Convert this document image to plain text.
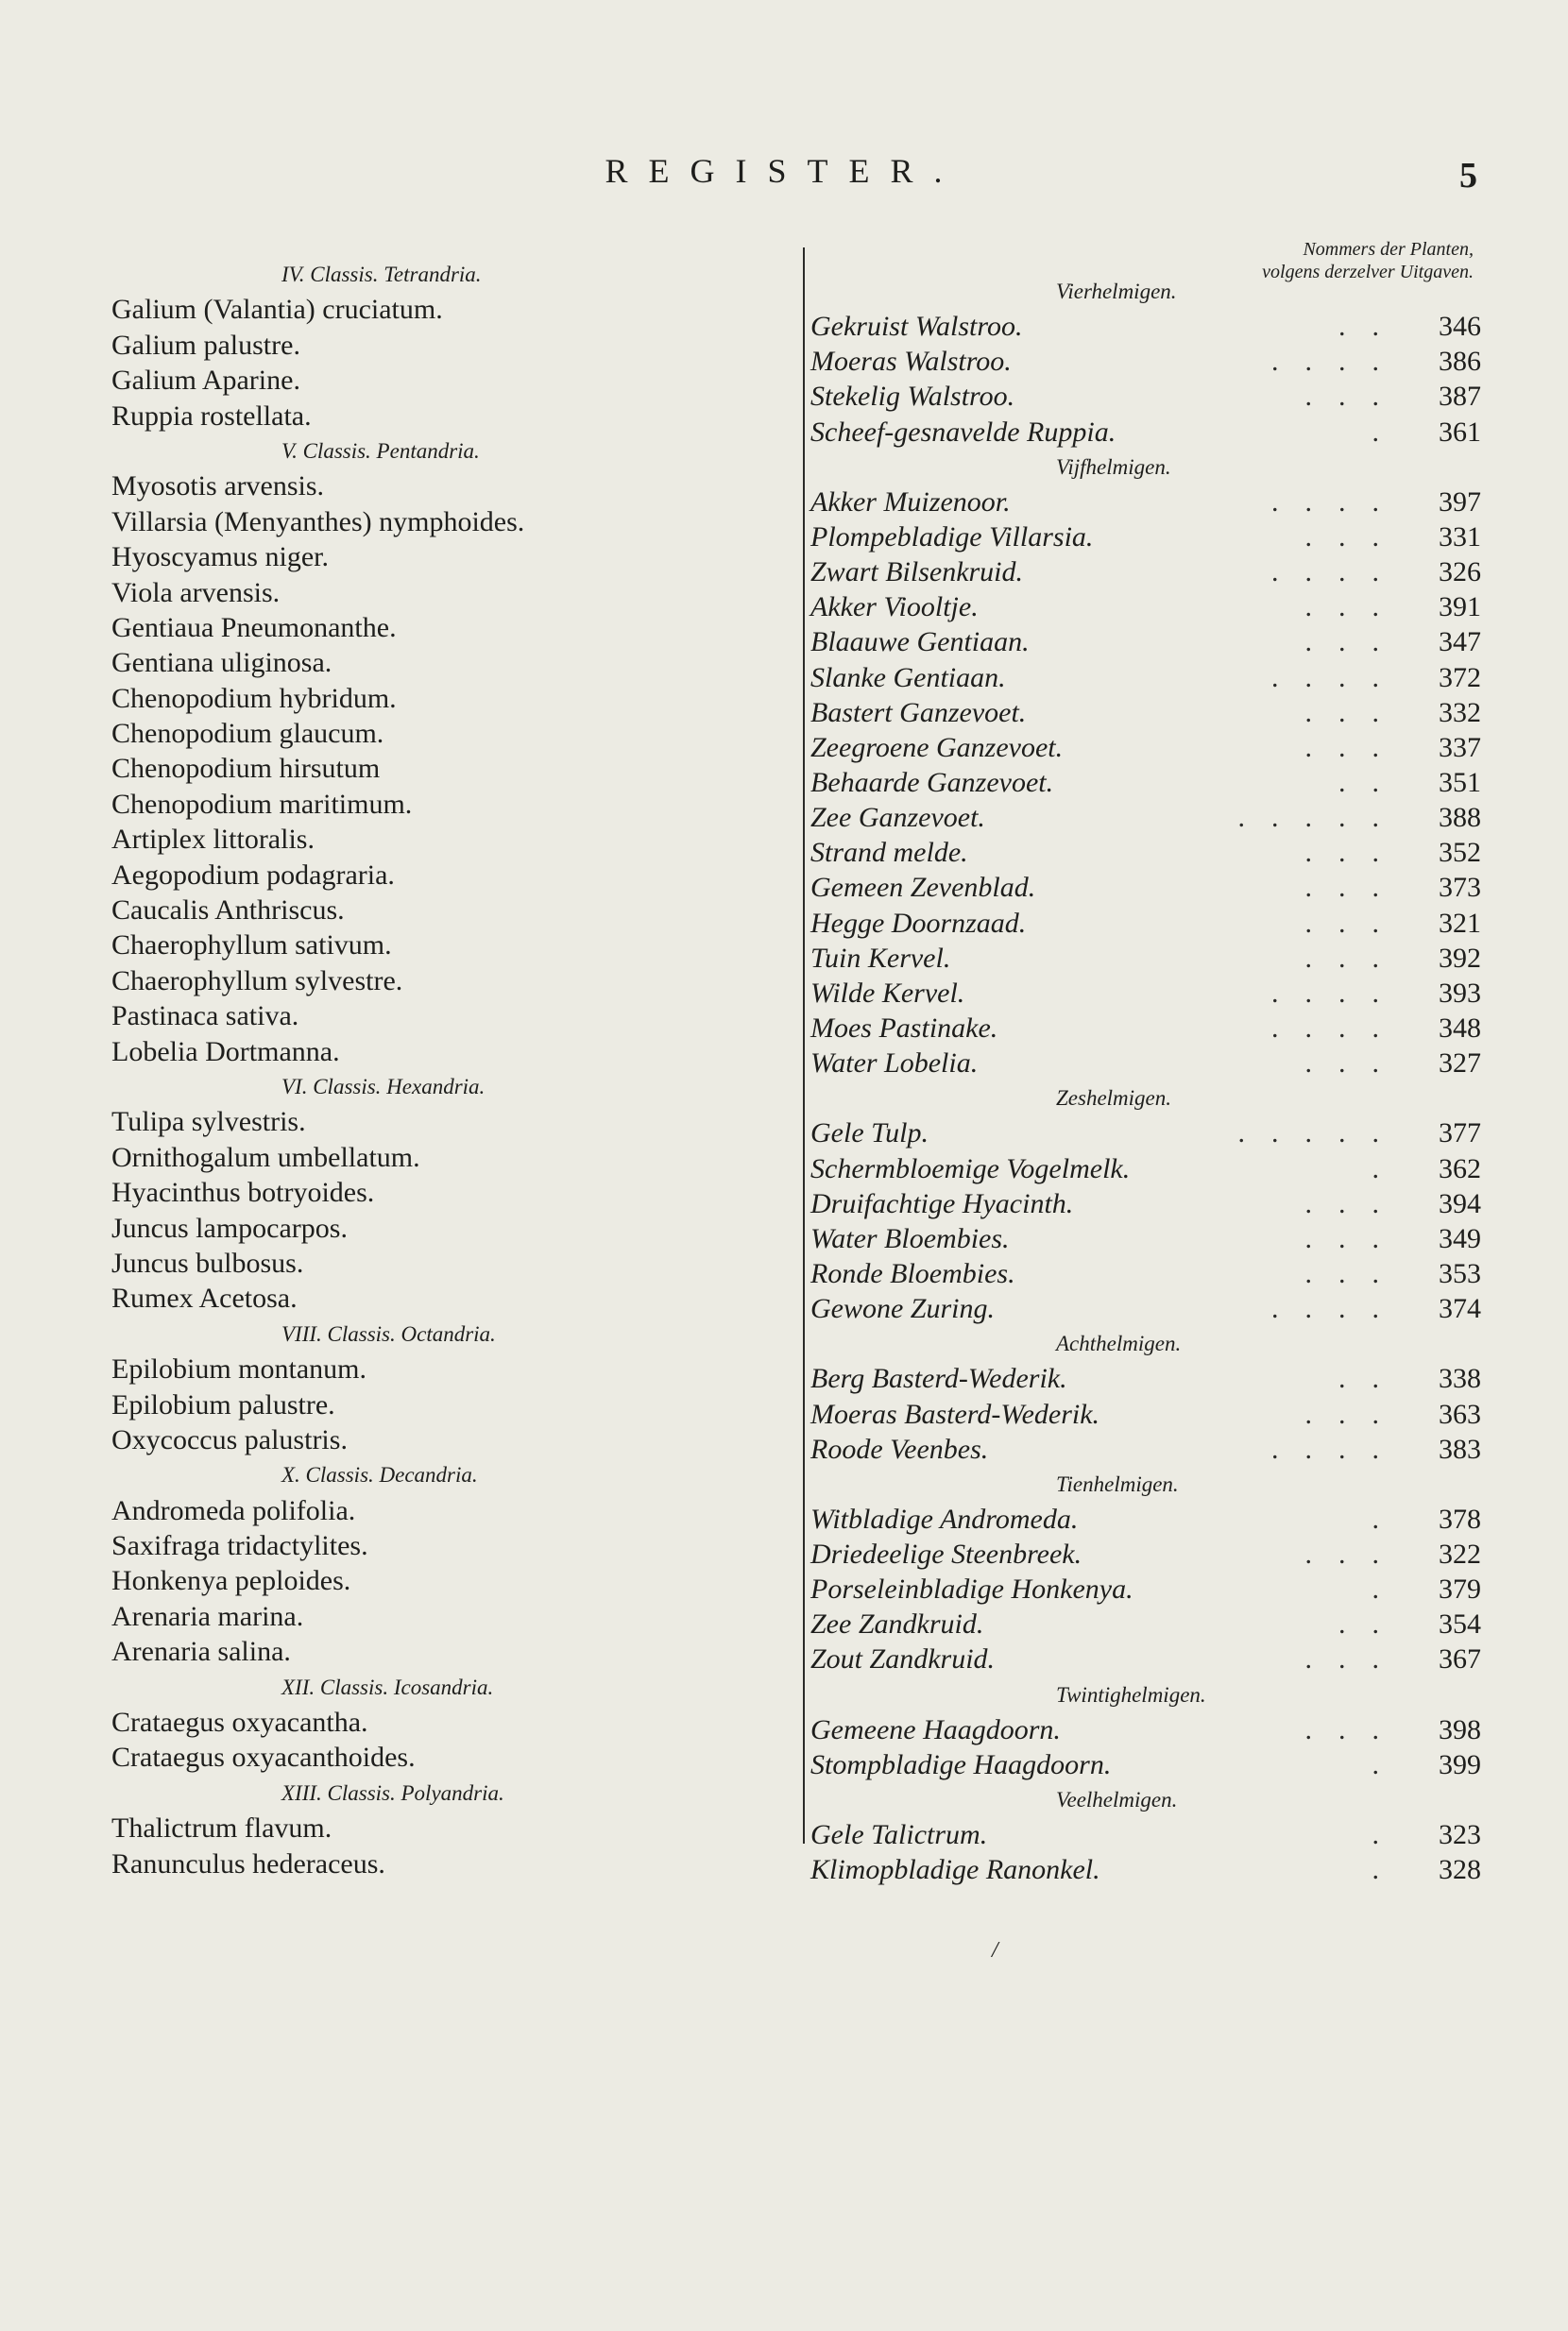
REGISTER.	5
Nommers der Planten,
volgens derzelver Uitgaven.
IV. Classis. Tetrandria.
Galium (Valantia) cruciatum.
Galium palustre.
Galium Aparine.
Ruppia rostellata.
V. Classis. Pentandria.
Myosotis arvensis.
Villarsia (Menyanthes) nymphoides.
Hyoscyamus niger.
Viola arvensis.
Gentiaua Pneumonanthe.
Gentiana uliginosa.
Chenopodium hybridum.
Chenopodium glaucum.
Chenopodium hirsutum
Chenopodium maritimum.
Artiplex littoralis.
Aegopodium podagraria.
Caucalis Anthriscus.
Chaerophyllum sativum.
Chaerophyllum sylvestre.
Pastinaca sativa.
Lobelia Dortmanna.
VI. Classis. Hexandria.
Tulipa sylvestris.
Ornithogalum umbellatum.
Hyacinthus botryoides.
Juncus lampocarpos.
Juncus bulbosus.
Rumex Acetosa.
VIII. Classis. Octandria.
Epilobium montanum.
Epilobium palustre.
Oxycoccus palustris.
X. Classis. Decandria.
Andromeda polifolia.
Saxifraga tridactylites.
Honkenya peploides.
Arenaria marina.
Arenaria salina.
XII. Classis. Icosandria.
Crataegus oxyacantha.
Crataegus oxyacanthoides.
XIII. Classis. Polyandria.
Thalictrum flavum.
Ranunculus hederaceus.
Vierhelmigen.
Gekruist Walstroo.	.. 346
Moeras Walstroo.	.... 386
Stekelig Walstroo.	... 387
Scheef-gesnavelde Ruppia.	. 361
Vijfhelmigen.
Akker Muizenoor.	.... 397
Plompebladige Villarsia.	... 331
Zwart Bilsenkruid.	.... 326
Akker Viooltje.	... 391
Blaauwe Gentiaan.	... 347
Slanke Gentiaan.	.... 372
Bastert Ganzevoet.	... 332
Zeegroene Ganzevoet.	... 337
Behaarde Ganzevoet.	.. 351
Zee Ganzevoet.	..... 388
Strand melde.	... 352
Gemeen Zevenblad.	... 373
Hegge Doornzaad.	... 321
Tuin Kervel.	... 392
Wilde Kervel.	.... 393
Moes Pastinake.	.... 348
Water Lobelia.	... 327
Zeshelmigen.
Gele Tulp.	..... 377
Schermbloemige Vogelmelk.	. 362
Druifachtige Hyacinth.	... 394
Water Bloembies.	... 349
Ronde Bloembies.	... 353
Gewone Zuring.	.... 374
Achthelmigen.
Berg Basterd-Wederik.	.. 338
Moeras Basterd-Wederik.	... 363
Roode Veenbes.	.... 383
Tienhelmigen.
Witbladige Andromeda.	. 378
Driedeelige Steenbreek.	... 322
Porseleinbladige Honkenya.	. 379
Zee Zandkruid.	.. 354
Zout Zandkruid.	... 367
Twintighelmigen.
Gemeene Haagdoorn.	... 398
Stompbladige Haagdoorn.	. 399
Veelhelmigen.
Gele Talictrum.	. 323
Klimopbladige Ranonkel.	. 328
/
